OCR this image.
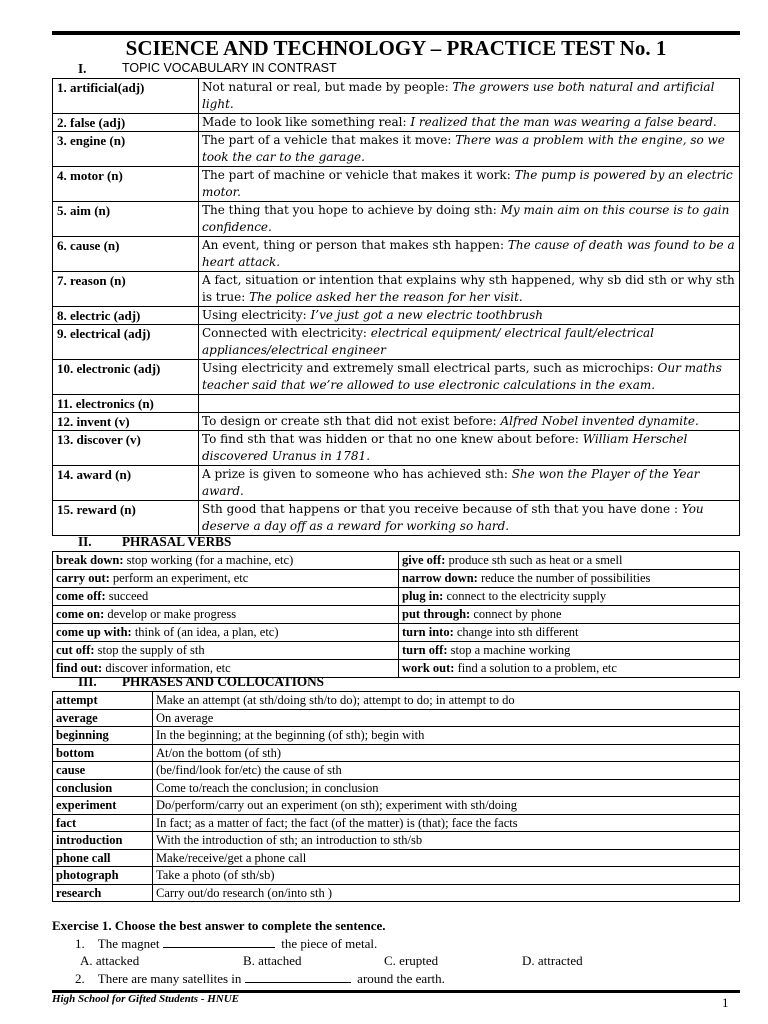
SCIENCE AND TECHNOLOGY – PRACTICE TEST No. 1
I.	TOPIC VOCABULARY IN CONTRAST
1. artificial(adj)	Not natural or real, but made by people: The growers use both natural and artificial light.
2. false (adj)	Made to look like something real: I realized that the man was wearing a false beard.
3. engine (n)	The part of a vehicle that makes it move: There was a problem with the engine, so we took the car to the garage.
4. motor (n)	The part of machine or vehicle that makes it work: The pump is powered by an electric motor.
5. aim (n)	The thing that you hope to achieve by doing sth: My main aim on this course is to gain confidence.
6. cause (n)	An event, thing or person that makes sth happen: The cause of death was found to be a heart attack.
7. reason (n)	A fact, situation or intention that explains why sth happened, why sb did sth or why sth is true: The police asked her the reason for her visit.
8. electric (adj)	Using electricity: I’ve just got a new electric toothbrush
9. electrical (adj)	Connected with electricity: electrical equipment/ electrical fault/electrical appliances/electrical engineer
10. electronic (adj)	Using electricity and extremely small electrical parts, such as microchips: Our maths teacher said that we’re allowed to use electronic calculations in the exam.
11. electronics (n)	
12. invent (v)	To design or create sth that did not exist before: Alfred Nobel invented dynamite.
13. discover (v)	To find sth that was hidden or that no one knew about before: William Herschel discovered Uranus in 1781.
14. award (n)	A prize is given to someone who has achieved sth: She won the Player of the Year award.
15. reward (n)	Sth good that happens or that you receive because of sth that you have done : You deserve a day off as a reward for working so hard.
II. PHRASAL VERBS
break down: stop working (for a machine, etc)	give off: produce sth such as heat or a smell
carry out: perform an experiment, etc	narrow down: reduce the number of possibilities
come off: succeed	plug in: connect to the electricity supply
come on: develop or make progress	put through: connect by phone
come up with: think of (an idea, a plan, etc)	turn into: change into sth different
cut off: stop the supply of sth	turn off: stop a machine working
find out: discover information, etc	work out: find a solution to a problem, etc
III. PHRASES AND COLLOCATIONS
attempt	Make an attempt (at sth/doing sth/to do); attempt to do; in attempt to do
average	On average
beginning	In the beginning; at the beginning (of sth); begin with
bottom	At/on the bottom (of sth)
cause	(be/find/look for/etc) the cause of sth
conclusion	Come to/reach the conclusion; in conclusion
experiment	Do/perform/carry out an experiment (on sth); experiment with sth/doing
fact	In fact; as a matter of fact; the fact (of the matter) is (that); face the facts
introduction	With the introduction of sth; an introduction to sth/sb
phone call	Make/receive/get a phone call
photograph	Take a photo (of sth/sb)
research	Carry out/do research (on/into sth )
Exercise 1. Choose the best answer to complete the sentence.
1. The magnet	the piece of metal.
A. attacked	B. attached	C. erupted	D. attracted
2. There are many satellites in	around the earth.
High School for Gifted Students - HNUE	1
